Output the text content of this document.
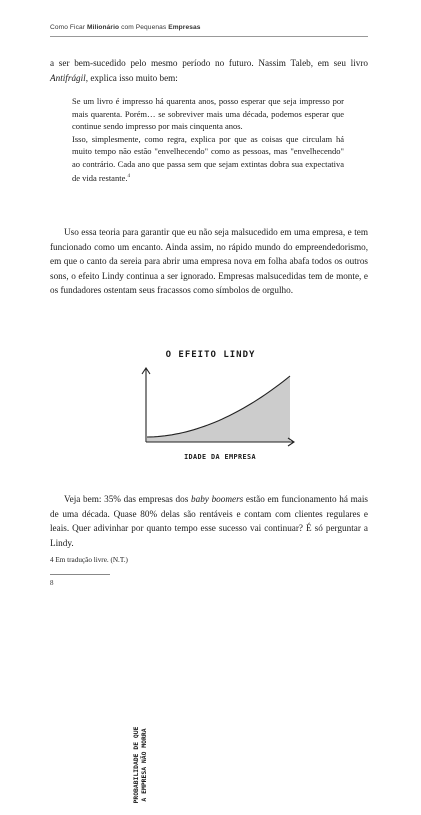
Como Ficar Milionário com Pequenas Empresas
a ser bem-sucedido pelo mesmo período no futuro. Nassim Taleb, em seu livro Antifrágil, explica isso muito bem:

Se um livro é impresso há quarenta anos, posso esperar que seja impresso por mais quarenta. Porém… se sobreviver mais uma década, podemos esperar que continue sendo impresso por mais cinquenta anos.

Isso, simplesmente, como regra, explica por que as coisas que circulam há muito tempo não estão "envelhecendo" como as pessoas, mas "envelhecendo" ao contrário. Cada ano que passa sem que sejam extintas dobra sua expectativa de vida restante.$^4$

Uso essa teoria para garantir que eu não seja malsucedido em uma empresa, e tem funcionado como um encanto. Ainda assim, no rápido mundo do empreendedorismo, em que o canto da sereia para abrir uma empresa nova em folha abafa todos os outros sons, o efeito Lindy continua a ser ignorado. Empresas malsucedidas tem de monte, e os fundadores ostentam seus fracassos como símbolos de orgulho.
O EFEITO LINDY
PROBABILIDADE DE QUE A EMPRESA NÃO MORRA
IDADE DA EMPRESA
Veja bem: 35% das empresas dos baby boomers estão em funcionamento há mais de uma década. Quase 80% delas são rentáveis e contam com clientes regulares e leais. Quer adivinhar por quanto tempo esse sucesso vai continuar? É só perguntar a Lindy.
4 Em tradução livre. (N.T.)
8
